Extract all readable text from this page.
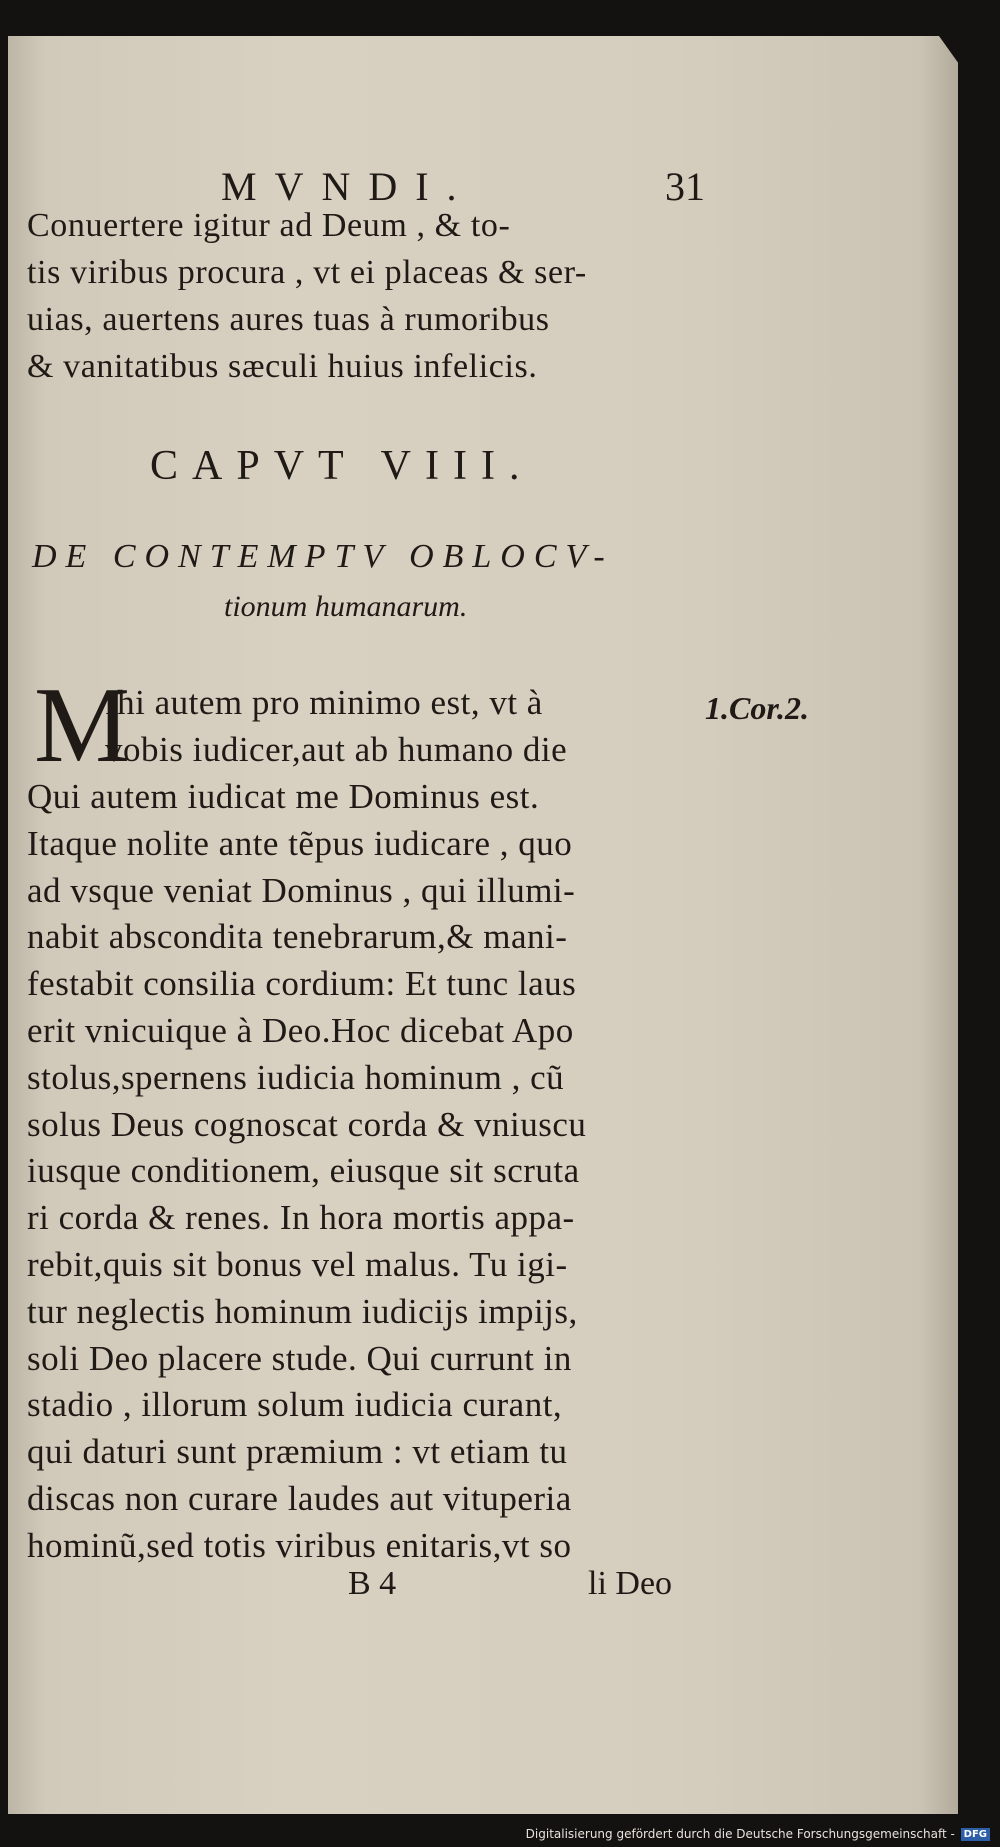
MVNDI.	31
Conuertere igitur ad Deum , & to-
tis viribus procura , vt ei placeas & ser-
uias, auertens aures tuas à rumoribus
& vanitatibus sæculi huius infelicis.
CAPVT VIII.
DE CONTEMPTV OBLOCV-
tionum humanarum.
M
Ihi autem pro minimo est, vt à	1.Cor.2.
vobis iudicer,aut ab humano die
Qui autem iudicat me Dominus est.
Itaque nolite ante tẽpus iudicare , quo
ad vsque veniat Dominus , qui illumi-
nabit abscondita tenebrarum,& mani-
festabit consilia cordium: Et tunc laus
erit vnicuique à Deo.Hoc dicebat Apo
stolus,spernens iudicia hominum , cũ
solus Deus cognoscat corda & vniuscu
iusque conditionem, eiusque sit scruta
ri corda & renes. In hora mortis appa-
rebit,quis sit bonus vel malus. Tu igi-
tur neglectis hominum iudicijs impijs,
soli Deo placere stude. Qui currunt in
stadio , illorum solum iudicia curant,
qui daturi sunt præmium : vt etiam tu
discas non curare laudes aut vituperia
hominũ,sed totis viribus enitaris,vt so
B 4	li Deo
Digitalisierung gefördert durch die Deutsche Forschungsgemeinschaft - DFG
